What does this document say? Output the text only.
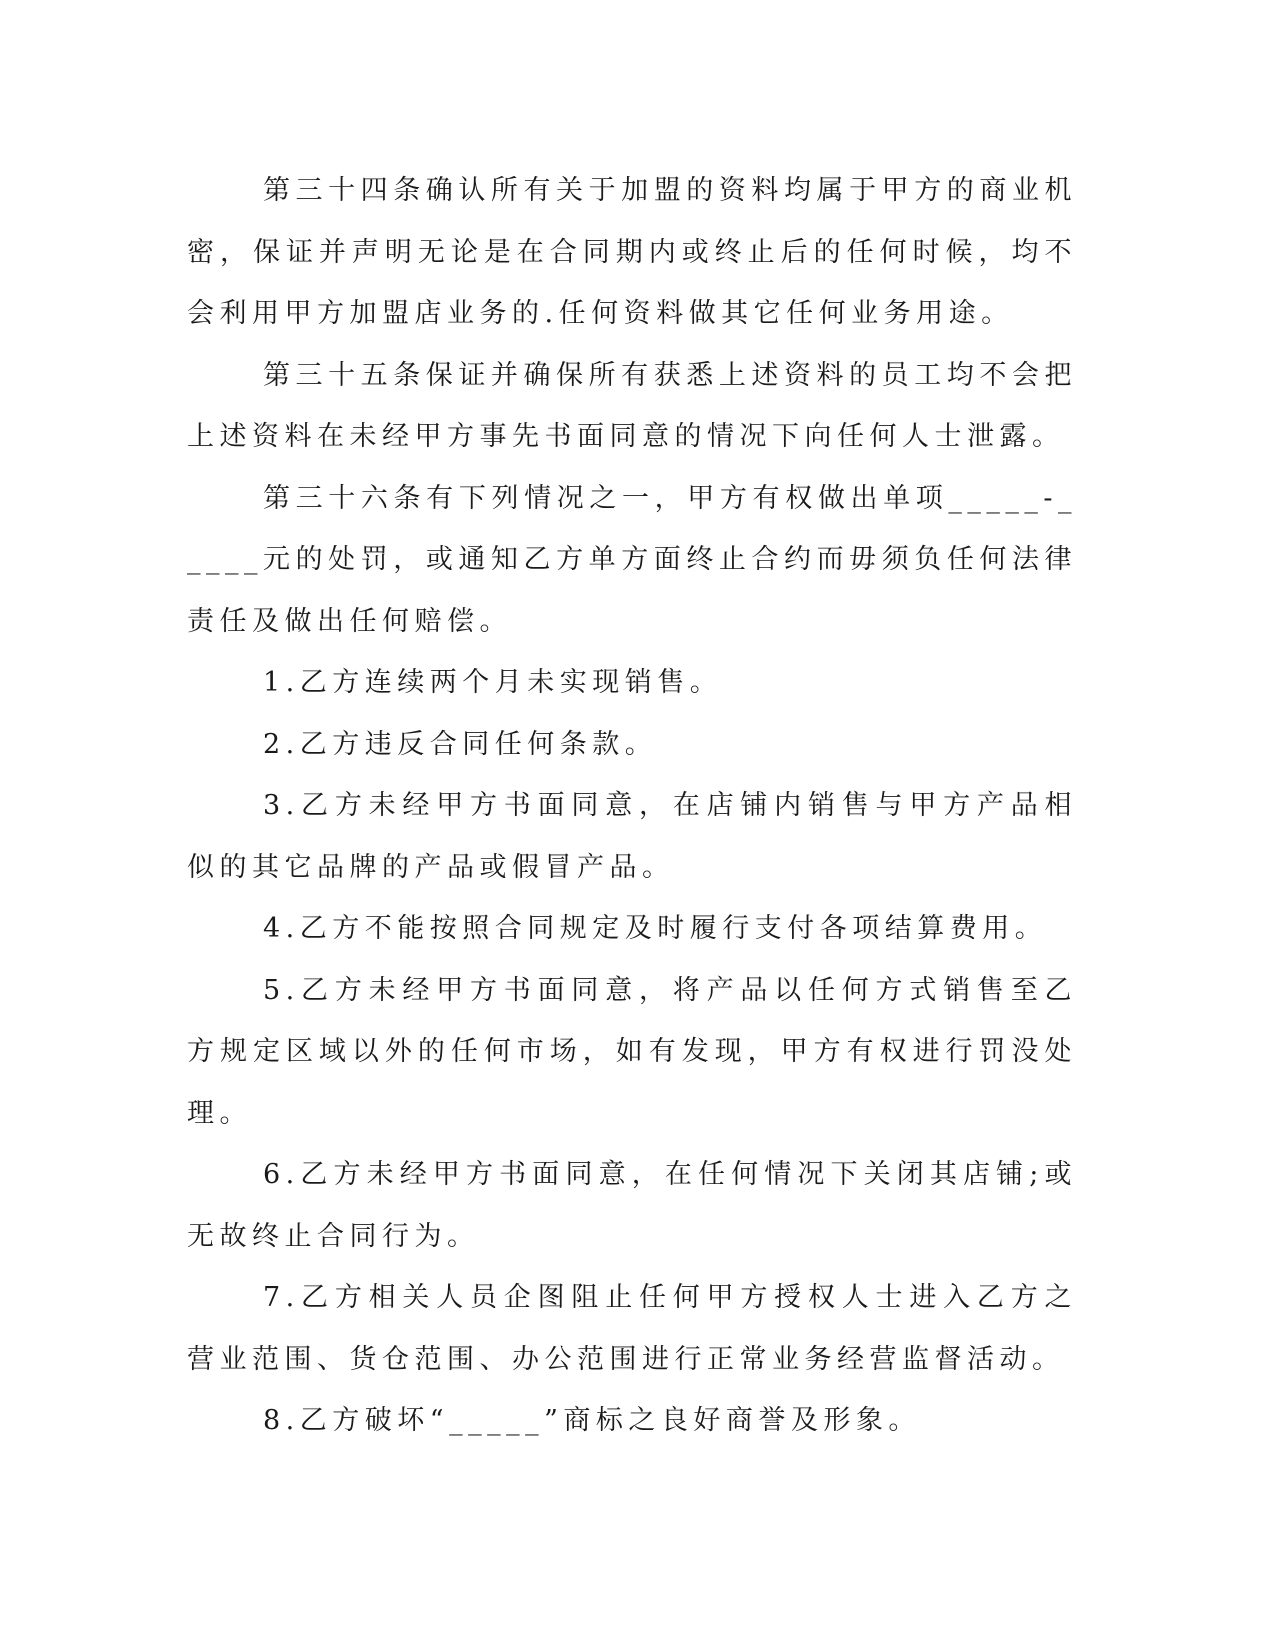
第三十四条确认所有关于加盟的资料均属于甲方的商业机密，保证并声明无论是在合同期内或终止后的任何时候，均不会利用甲方加盟店业务的.任何资料做其它任何业务用途。

第三十五条保证并确保所有获悉上述资料的员工均不会把上述资料在未经甲方事先书面同意的情况下向任何人士泄露。

第三十六条有下列情况之一，甲方有权做出单项_____-_____元的处罚，或通知乙方单方面终止合约而毋须负任何法律责任及做出任何赔偿。

1.乙方连续两个月未实现销售。

2.乙方违反合同任何条款。

3.乙方未经甲方书面同意，在店铺内销售与甲方产品相似的其它品牌的产品或假冒产品。

4.乙方不能按照合同规定及时履行支付各项结算费用。

5.乙方未经甲方书面同意，将产品以任何方式销售至乙方规定区域以外的任何市场，如有发现，甲方有权进行罚没处理。

6.乙方未经甲方书面同意，在任何情况下关闭其店铺;或无故终止合同行为。

7.乙方相关人员企图阻止任何甲方授权人士进入乙方之营业范围、货仓范围、办公范围进行正常业务经营监督活动。

8.乙方破坏“_____”商标之良好商誉及形象。
